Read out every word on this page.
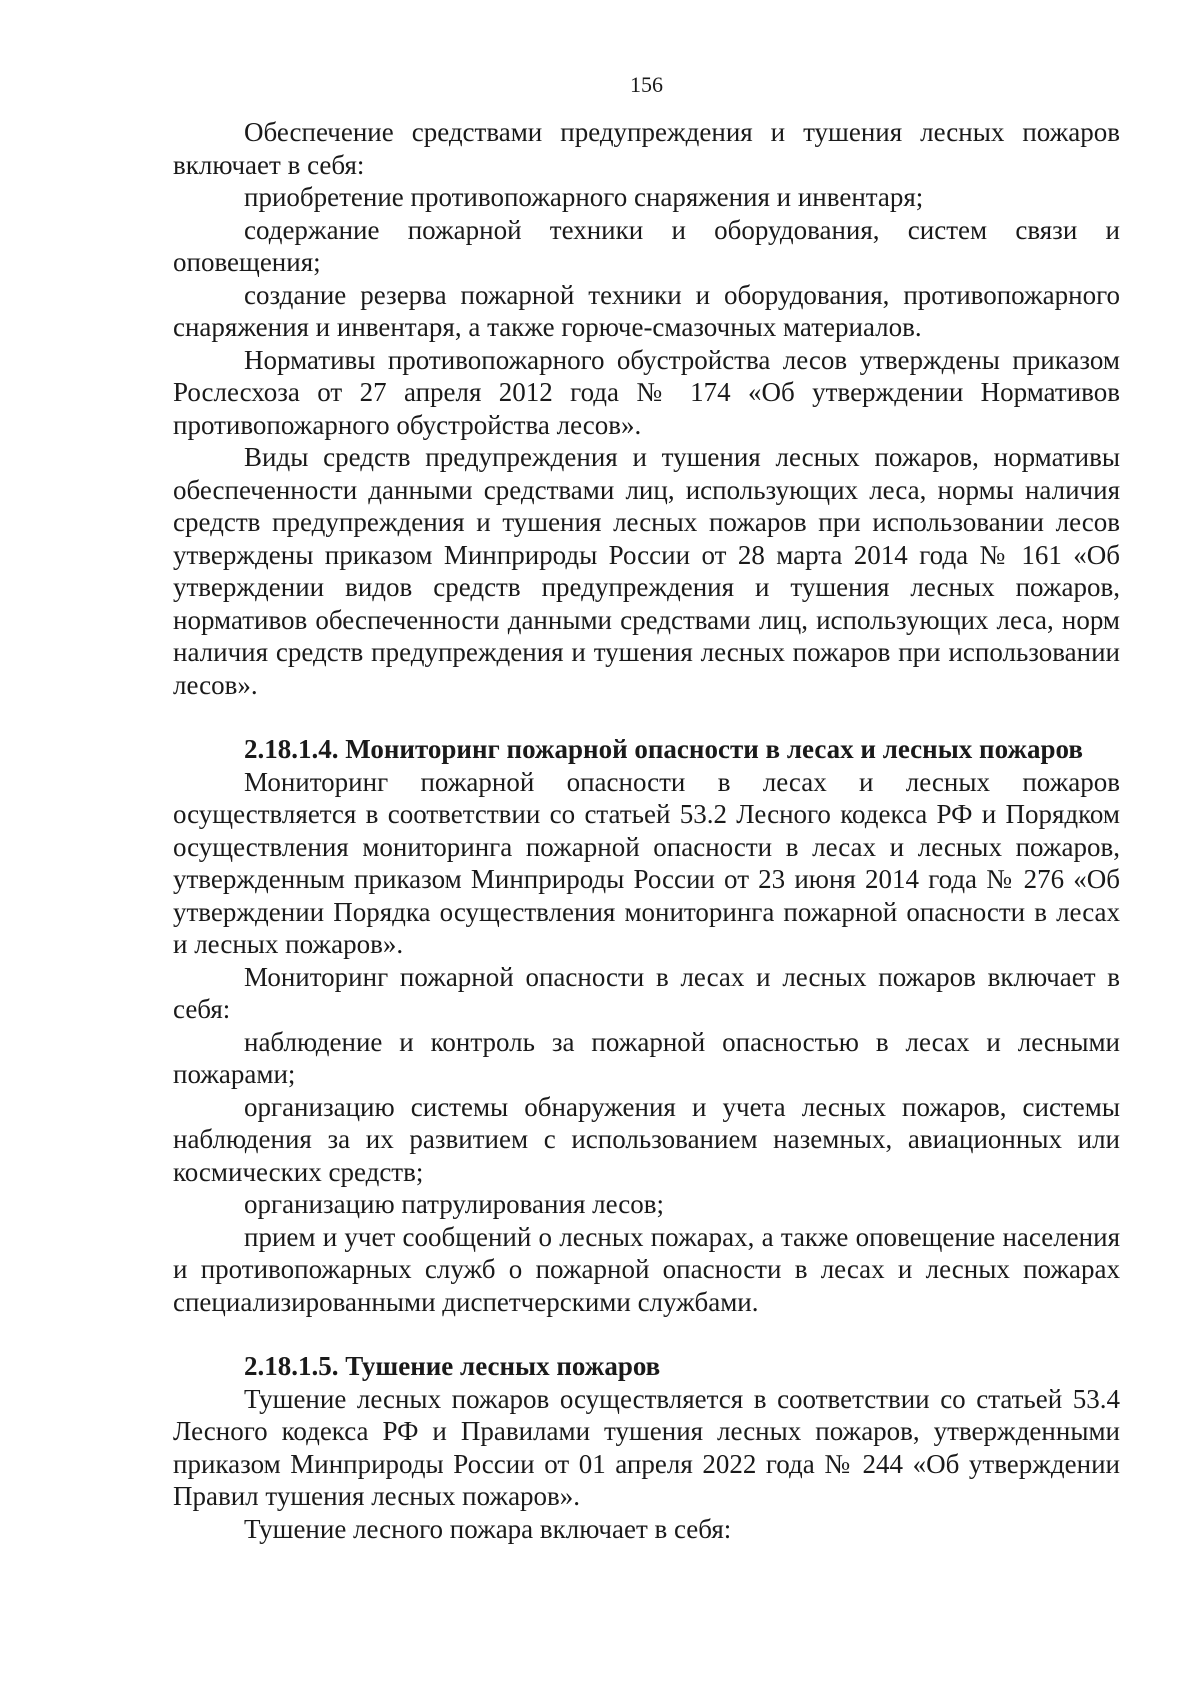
156

Обеспечение средствами предупреждения и тушения лесных пожаров включает в себя:

приобретение противопожарного снаряжения и инвентаря;

содержание пожарной техники и оборудования, систем связи и оповещения;

создание резерва пожарной техники и оборудования, противопожарного снаряжения и инвентаря, а также горюче-смазочных материалов.

Нормативы противопожарного обустройства лесов утверждены приказом Рослесхоза от 27 апреля 2012 года № 174 «Об утверждении Нормативов противопожарного обустройства лесов».

Виды средств предупреждения и тушения лесных пожаров, нормативы обеспеченности данными средствами лиц, использующих леса, нормы наличия средств предупреждения и тушения лесных пожаров при использовании лесов утверждены приказом Минприроды России от 28 марта 2014 года № 161 «Об утверждении видов средств предупреждения и тушения лесных пожаров, нормативов обеспеченности данными средствами лиц, использующих леса, норм наличия средств предупреждения и тушения лесных пожаров при использовании лесов».

2.18.1.4. Мониторинг пожарной опасности в лесах и лесных пожаров

Мониторинг пожарной опасности в лесах и лесных пожаров осуществляется в соответствии со статьей 53.2 Лесного кодекса РФ и Порядком осуществления мониторинга пожарной опасности в лесах и лесных пожаров, утвержденным приказом Минприроды России от 23 июня 2014 года № 276 «Об утверждении Порядка осуществления мониторинга пожарной опасности в лесах и лесных пожаров».

Мониторинг пожарной опасности в лесах и лесных пожаров включает в себя:

наблюдение и контроль за пожарной опасностью в лесах и лесными пожарами;

организацию системы обнаружения и учета лесных пожаров, системы наблюдения за их развитием с использованием наземных, авиационных или космических средств;

организацию патрулирования лесов;

прием и учет сообщений о лесных пожарах, а также оповещение населения и противопожарных служб о пожарной опасности в лесах и лесных пожарах специализированными диспетчерскими службами.

2.18.1.5. Тушение лесных пожаров

Тушение лесных пожаров осуществляется в соответствии со статьей 53.4 Лесного кодекса РФ и Правилами тушения лесных пожаров, утвержденными приказом Минприроды России от 01 апреля 2022 года № 244 «Об утверждении Правил тушения лесных пожаров».

Тушение лесного пожара включает в себя:
